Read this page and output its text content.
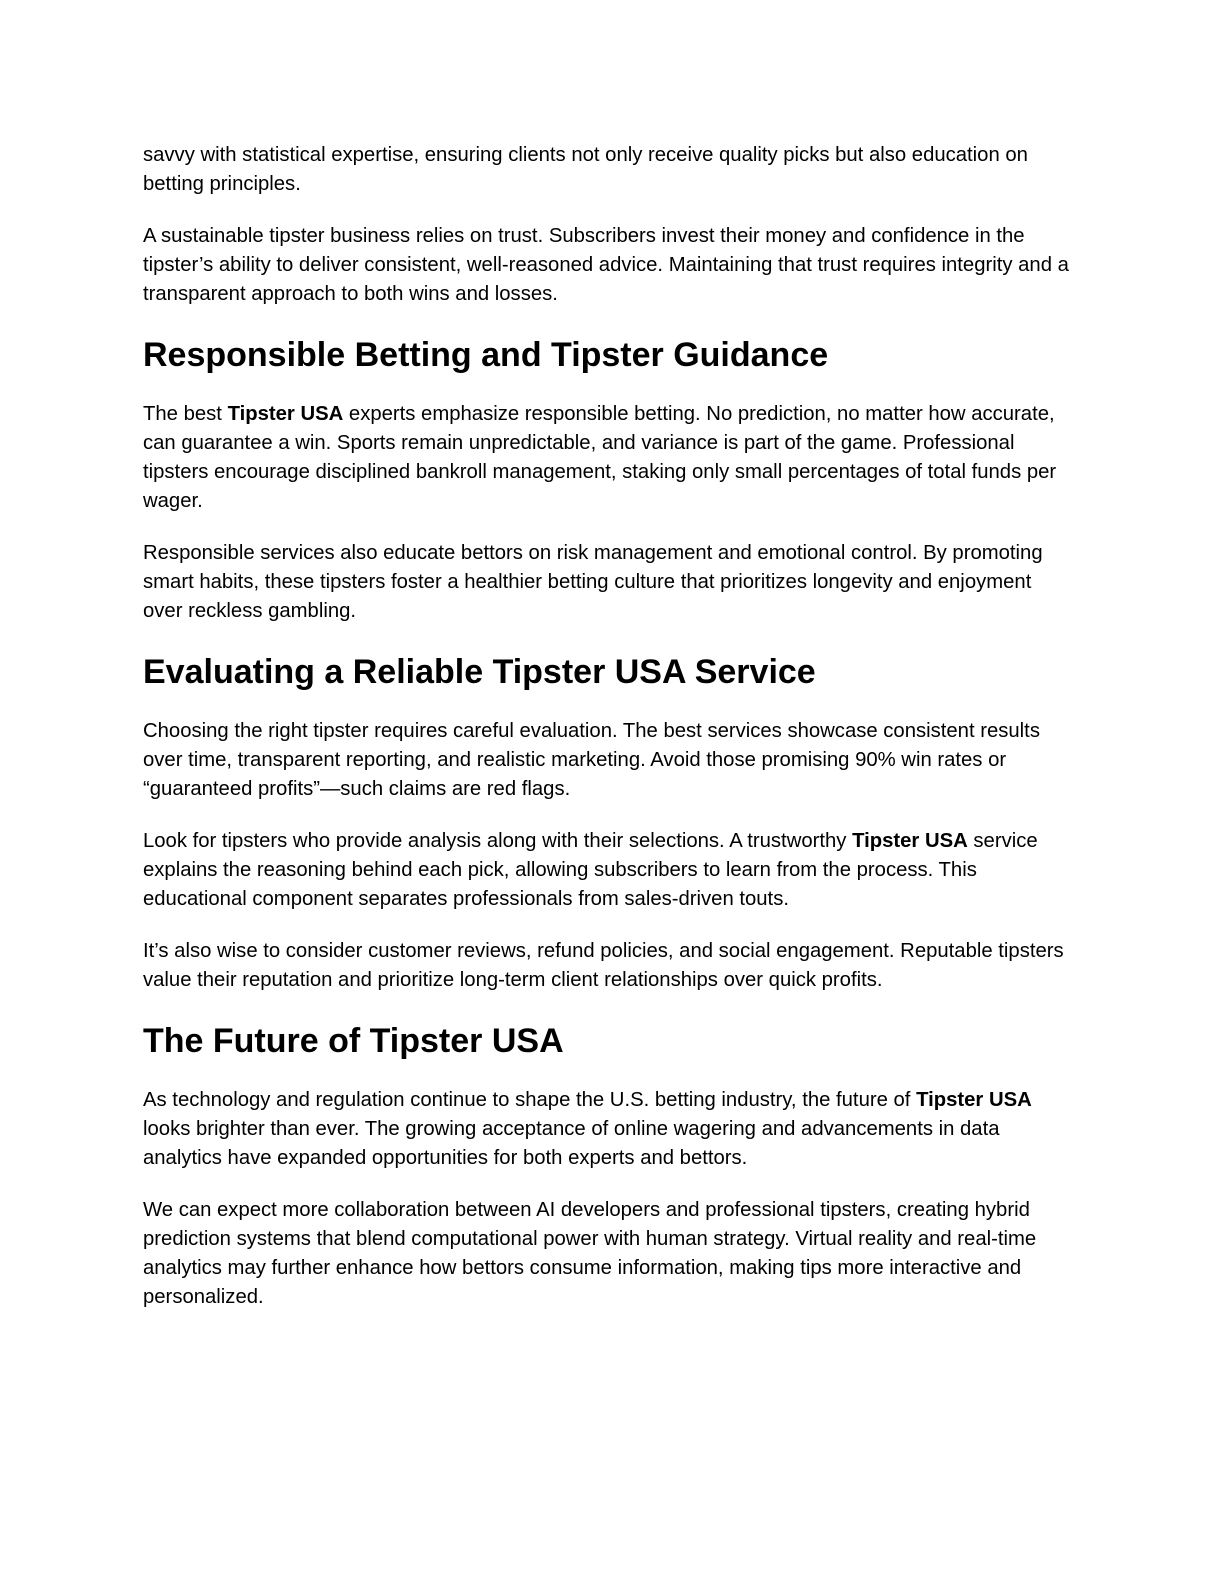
savvy with statistical expertise, ensuring clients not only receive quality picks but also education on betting principles.

A sustainable tipster business relies on trust. Subscribers invest their money and confidence in the tipster’s ability to deliver consistent, well-reasoned advice. Maintaining that trust requires integrity and a transparent approach to both wins and losses.

Responsible Betting and Tipster Guidance

The best Tipster USA experts emphasize responsible betting. No prediction, no matter how accurate, can guarantee a win. Sports remain unpredictable, and variance is part of the game. Professional tipsters encourage disciplined bankroll management, staking only small percentages of total funds per wager.

Responsible services also educate bettors on risk management and emotional control. By promoting smart habits, these tipsters foster a healthier betting culture that prioritizes longevity and enjoyment over reckless gambling.

Evaluating a Reliable Tipster USA Service

Choosing the right tipster requires careful evaluation. The best services showcase consistent results over time, transparent reporting, and realistic marketing. Avoid those promising 90% win rates or “guaranteed profits”—such claims are red flags.

Look for tipsters who provide analysis along with their selections. A trustworthy Tipster USA service explains the reasoning behind each pick, allowing subscribers to learn from the process. This educational component separates professionals from sales-driven touts.

It’s also wise to consider customer reviews, refund policies, and social engagement. Reputable tipsters value their reputation and prioritize long-term client relationships over quick profits.

The Future of Tipster USA

As technology and regulation continue to shape the U.S. betting industry, the future of Tipster USA looks brighter than ever. The growing acceptance of online wagering and advancements in data analytics have expanded opportunities for both experts and bettors.

We can expect more collaboration between AI developers and professional tipsters, creating hybrid prediction systems that blend computational power with human strategy. Virtual reality and real-time analytics may further enhance how bettors consume information, making tips more interactive and personalized.
